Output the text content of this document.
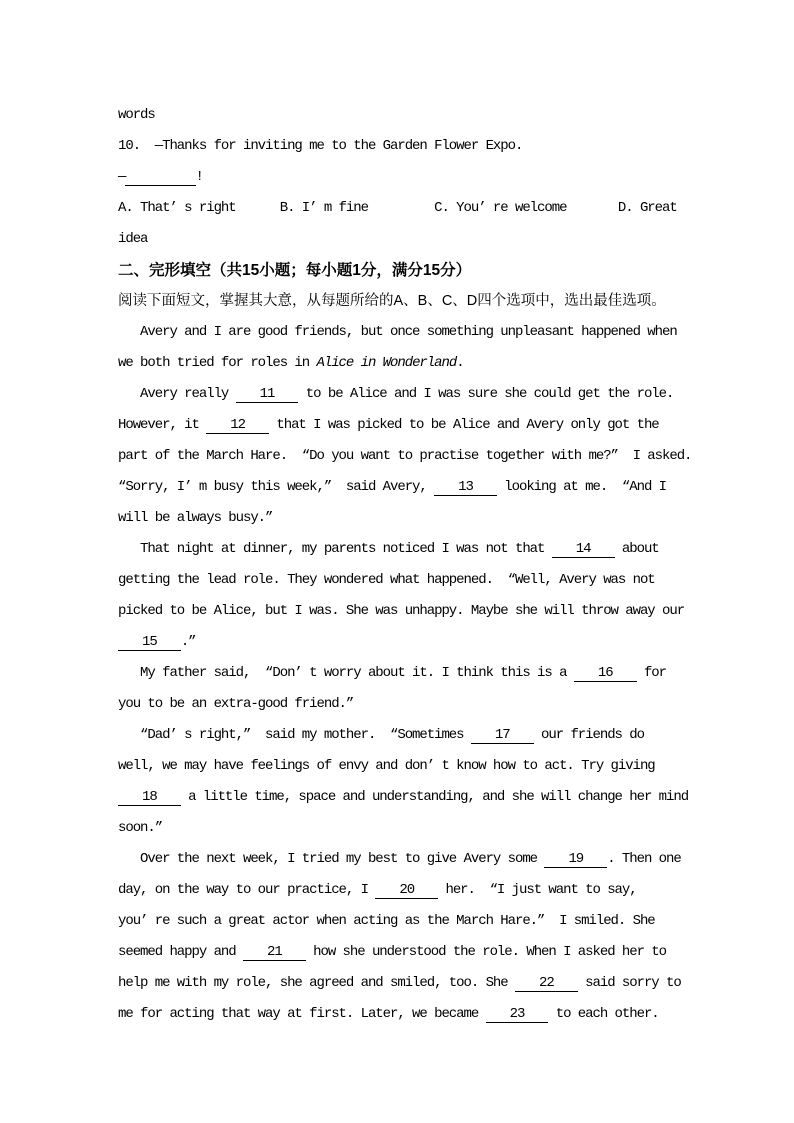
words
10.  —Thanks for inviting me to the Garden Flower Expo.
—	!
A. That’ s right      B. I’ m fine         C. You’ re welcome       D. Great
idea
二、完形填空（共15小题；每小题1分，满分15分）
阅读下面短文，掌握其大意，从每题所给的A、B、C、D四个选项中，选出最佳选项。
Avery and I are good friends, but once something unpleasant happened when
we both tried for roles in Alice in Wonderland.
Avery really    11    to be Alice and I was sure she could get the role.
However, it    12    that I was picked to be Alice and Avery only got the
part of the March Hare.  “Do you want to practise together with me?”  I asked.
“Sorry, I’ m busy this week,”  said Avery,    13    looking at me.  “And I
will be always busy.”
That night at dinner, my parents noticed I was not that    14    about
getting the lead role. They wondered what happened.  “Well, Avery was not
picked to be Alice, but I was. She was unhappy. Maybe she will throw away our
15   .”
My father said,  “Don’ t worry about it. I think this is a    16    for
you to be an extra-good friend.”
“Dad’ s right,”  said my mother.  “Sometimes    17    our friends do
well, we may have feelings of envy and don’ t know how to act. Try giving
18    a little time, space and understanding, and she will change her mind
soon.”
Over the next week, I tried my best to give Avery some    19   . Then one
day, on the way to our practice, I    20    her.  “I just want to say,
you’ re such a great actor when acting as the March Hare.”  I smiled. She
seemed happy and    21    how she understood the role. When I asked her to
help me with my role, she agreed and smiled, too. She    22    said sorry to
me for acting that way at first. Later, we became    23    to each other.
